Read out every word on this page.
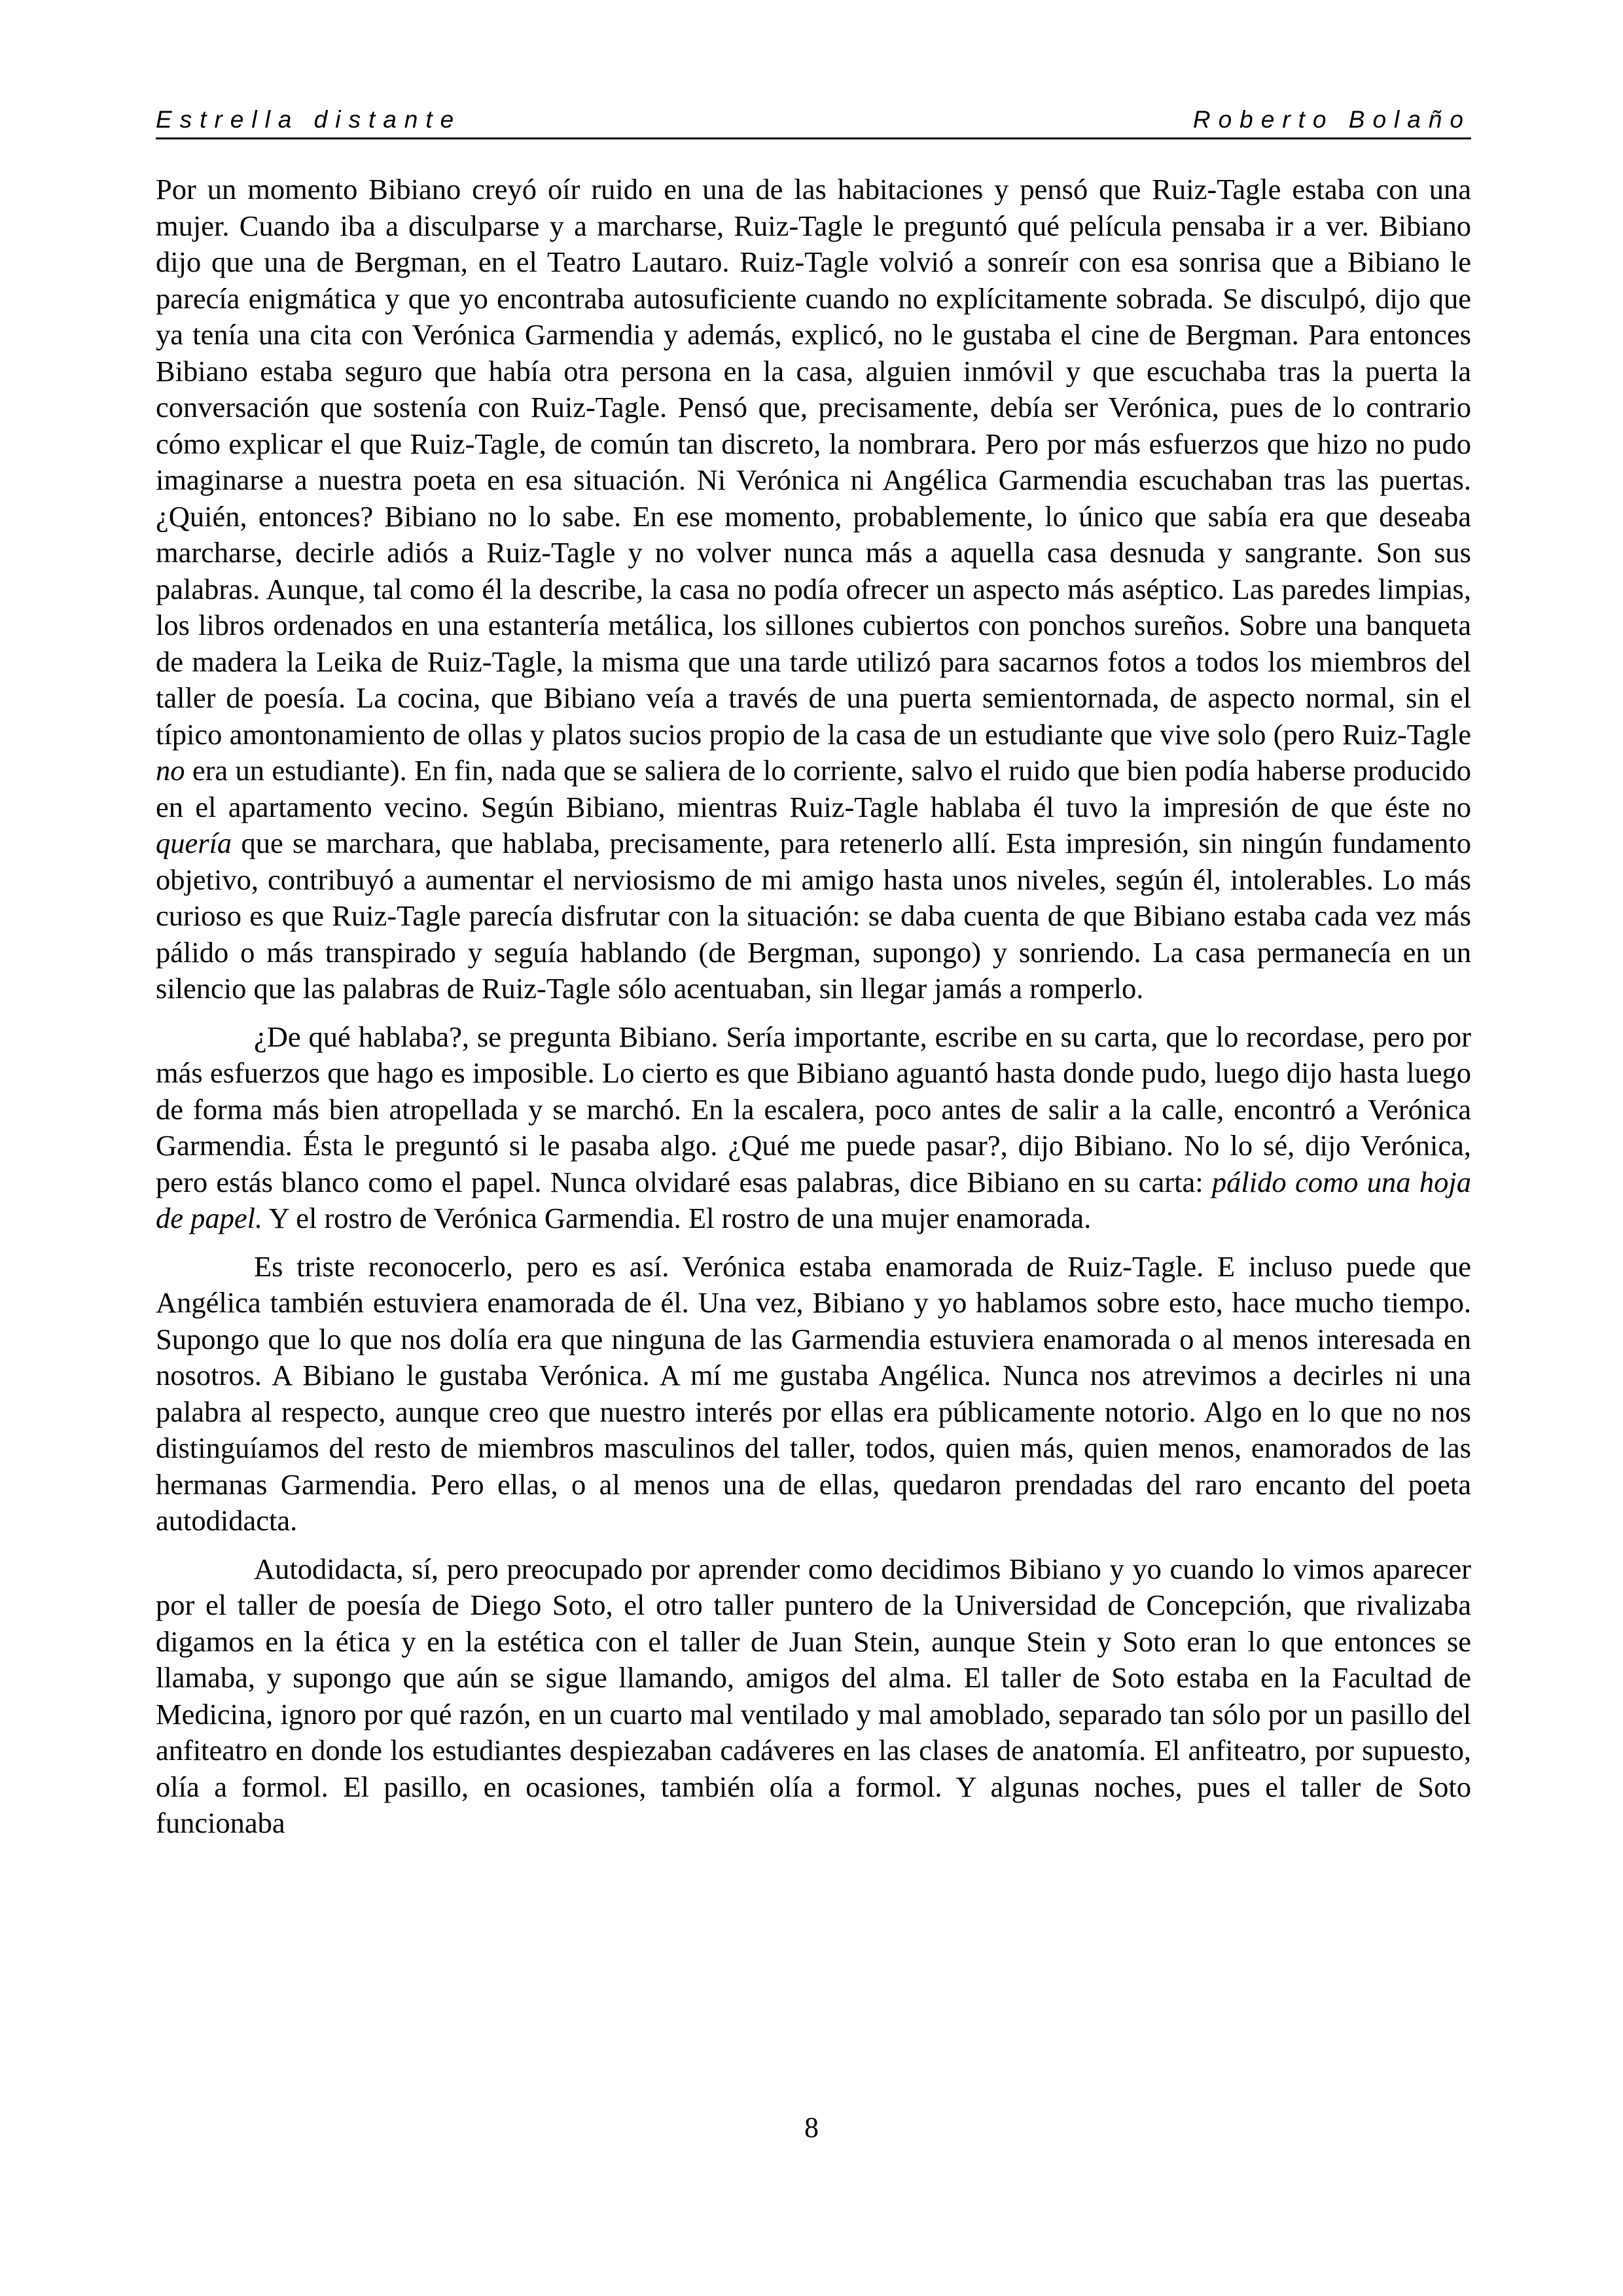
Estrella distante	Roberto Bolaño

Por un momento Bibiano creyó oír ruido en una de las habitaciones y pensó que Ruiz-Tagle estaba con una mujer. Cuando iba a disculparse y a marcharse, Ruiz-Tagle le preguntó qué película pensaba ir a ver. Bibiano dijo que una de Bergman, en el Teatro Lautaro. Ruiz-Tagle volvió a sonreír con esa sonrisa que a Bibiano le parecía enigmática y que yo encontraba autosuficiente cuando no explícitamente sobrada. Se disculpó, dijo que ya tenía una cita con Verónica Garmendia y además, explicó, no le gustaba el cine de Bergman. Para entonces Bibiano estaba seguro que había otra persona en la casa, alguien inmóvil y que escuchaba tras la puerta la conversación que sostenía con Ruiz-Tagle. Pensó que, precisamente, debía ser Verónica, pues de lo contrario cómo explicar el que Ruiz-Tagle, de común tan discreto, la nombrara. Pero por más esfuerzos que hizo no pudo imaginarse a nuestra poeta en esa situación. Ni Verónica ni Angélica Garmendia escuchaban tras las puertas. ¿Quién, entonces? Bibiano no lo sabe. En ese momento, probablemente, lo único que sabía era que deseaba marcharse, decirle adiós a Ruiz-Tagle y no volver nunca más a aquella casa desnuda y sangrante. Son sus palabras. Aunque, tal como él la describe, la casa no podía ofrecer un aspecto más aséptico. Las paredes limpias, los libros ordenados en una estantería metálica, los sillones cubiertos con ponchos sureños. Sobre una banqueta de madera la Leika de Ruiz-Tagle, la misma que una tarde utilizó para sacarnos fotos a todos los miembros del taller de poesía. La cocina, que Bibiano veía a través de una puerta semientornada, de aspecto normal, sin el típico amontonamiento de ollas y platos sucios propio de la casa de un estudiante que vive solo (pero Ruiz-Tagle no era un estudiante). En fin, nada que se saliera de lo corriente, salvo el ruido que bien podía haberse producido en el apartamento vecino. Según Bibiano, mientras Ruiz-Tagle hablaba él tuvo la impresión de que éste no quería que se marchara, que hablaba, precisamente, para retenerlo allí. Esta impresión, sin ningún fundamento objetivo, contribuyó a aumentar el nerviosismo de mi amigo hasta unos niveles, según él, intolerables. Lo más curioso es que Ruiz-Tagle parecía disfrutar con la situación: se daba cuenta de que Bibiano estaba cada vez más pálido o más transpirado y seguía hablando (de Bergman, supongo) y sonriendo. La casa permanecía en un silencio que las palabras de Ruiz-Tagle sólo acentuaban, sin llegar jamás a romperlo.

¿De qué hablaba?, se pregunta Bibiano. Sería importante, escribe en su carta, que lo recordase, pero por más esfuerzos que hago es imposible. Lo cierto es que Bibiano aguantó hasta donde pudo, luego dijo hasta luego de forma más bien atropellada y se marchó. En la escalera, poco antes de salir a la calle, encontró a Verónica Garmendia. Ésta le preguntó si le pasaba algo. ¿Qué me puede pasar?, dijo Bibiano. No lo sé, dijo Verónica, pero estás blanco como el papel. Nunca olvidaré esas palabras, dice Bibiano en su carta: pálido como una hoja de papel. Y el rostro de Verónica Garmendia. El rostro de una mujer enamorada.

Es triste reconocerlo, pero es así. Verónica estaba enamorada de Ruiz-Tagle. E incluso puede que Angélica también estuviera enamorada de él. Una vez, Bibiano y yo hablamos sobre esto, hace mucho tiempo. Supongo que lo que nos dolía era que ninguna de las Garmendia estuviera enamorada o al menos interesada en nosotros. A Bibiano le gustaba Verónica. A mí me gustaba Angélica. Nunca nos atrevimos a decirles ni una palabra al respecto, aunque creo que nuestro interés por ellas era públicamente notorio. Algo en lo que no nos distinguíamos del resto de miembros masculinos del taller, todos, quien más, quien menos, enamorados de las hermanas Garmendia. Pero ellas, o al menos una de ellas, quedaron prendadas del raro encanto del poeta autodidacta.

Autodidacta, sí, pero preocupado por aprender como decidimos Bibiano y yo cuando lo vimos aparecer por el taller de poesía de Diego Soto, el otro taller puntero de la Universidad de Concepción, que rivalizaba digamos en la ética y en la estética con el taller de Juan Stein, aunque Stein y Soto eran lo que entonces se llamaba, y supongo que aún se sigue llamando, amigos del alma. El taller de Soto estaba en la Facultad de Medicina, ignoro por qué razón, en un cuarto mal ventilado y mal amoblado, separado tan sólo por un pasillo del anfiteatro en donde los estudiantes despiezaban cadáveres en las clases de anatomía. El anfiteatro, por supuesto, olía a formol. El pasillo, en ocasiones, también olía a formol. Y algunas noches, pues el taller de Soto funcionaba

8
